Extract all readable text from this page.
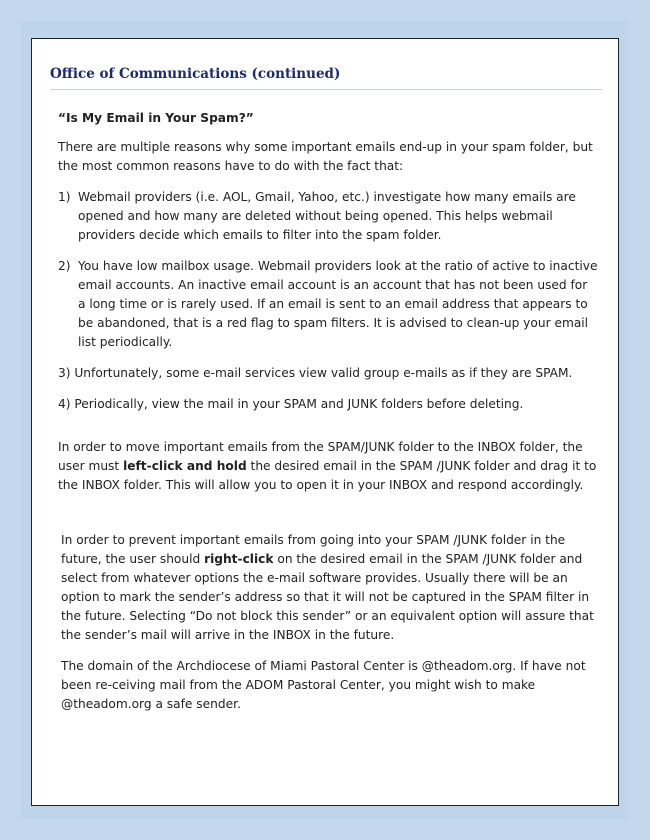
Office of Communications (continued)

“Is My Email in Your Spam?”

There are multiple reasons why some important emails end-up in your spam folder, but the most common reasons have to do with the fact that:

1) Webmail providers (i.e. AOL, Gmail, Yahoo, etc.) investigate how many emails are opened and how many are deleted without being opened. This helps webmail providers decide which emails to filter into the spam folder.
2) You have low mailbox usage. Webmail providers look at the ratio of active to inactive email accounts. An inactive email account is an account that has not been used for a long time or is rarely used. If an email is sent to an email address that appears to be abandoned, that is a red flag to spam filters. It is advised to clean-up your email list periodically.

3) Unfortunately, some e-mail services view valid group e-mails as if they are SPAM.

4) Periodically, view the mail in your SPAM and JUNK folders before deleting.

In order to move important emails from the SPAM/JUNK folder to the INBOX folder, the user must left-click and hold the desired email in the SPAM /JUNK folder and drag it to the INBOX folder. This will allow you to open it in your INBOX and respond accordingly.

In order to prevent important emails from going into your SPAM /JUNK folder in the future, the user should right-click on the desired email in the SPAM /JUNK folder and select from whatever options the e-mail software provides. Usually there will be an option to mark the sender’s address so that it will not be captured in the SPAM filter in the future. Selecting “Do not block this sender” or an equivalent option will assure that the sender’s mail will arrive in the INBOX in the future.

The domain of the Archdiocese of Miami Pastoral Center is @theadom.org. If have not been re-ceiving mail from the ADOM Pastoral Center, you might wish to make @theadom.org a safe sender.
